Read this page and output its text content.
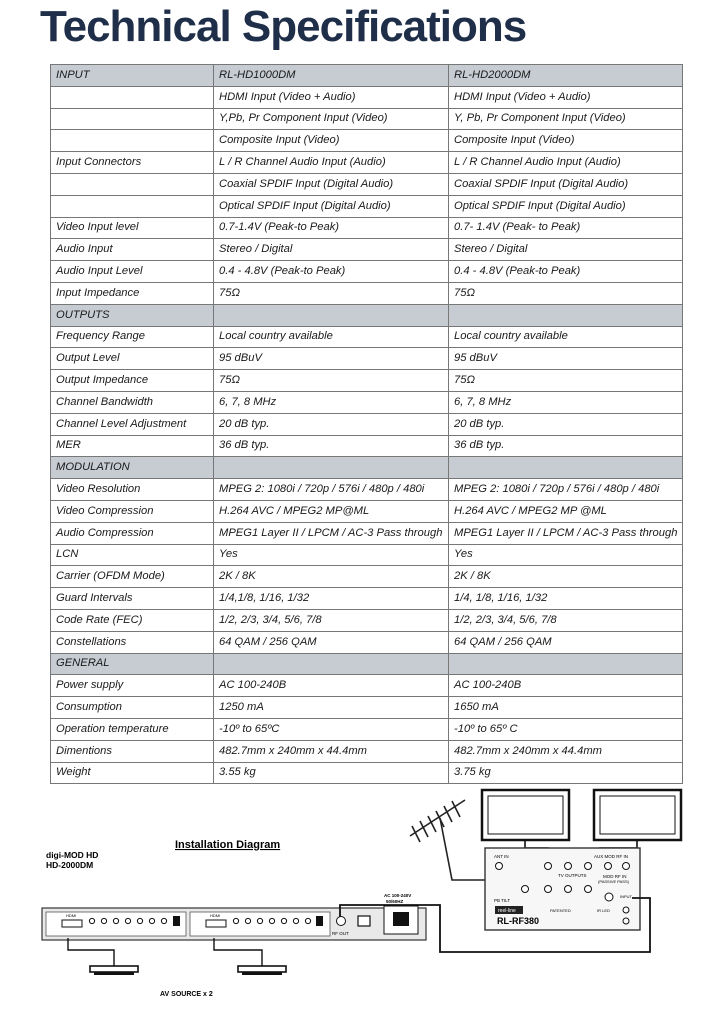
Technical Specifications
INPUT	RL-HD1000DM	RL-HD2000DM
	HDMI Input (Video + Audio)	HDMI Input (Video + Audio)
	Y,Pb, Pr Component Input (Video)	Y, Pb, Pr Component Input (Video)
	Composite Input (Video)	Composite Input (Video)
Input Connectors	L / R Channel Audio Input (Audio)	L / R Channel Audio Input (Audio)
	Coaxial SPDIF Input (Digital Audio)	Coaxial SPDIF Input (Digital Audio)
	Optical SPDIF Input (Digital Audio)	Optical SPDIF Input (Digital Audio)
Video Input level	0.7-1.4V (Peak-to Peak)	0.7- 1.4V (Peak- to Peak)
Audio Input	Stereo / Digital	Stereo / Digital
Audio Input Level	0.4 - 4.8V (Peak-to Peak)	0.4 - 4.8V (Peak-to Peak)
Input Impedance	75Ω	75Ω
OUTPUTS		
Frequency Range	Local country available	Local country available
Output Level	95 dBuV	95 dBuV
Output Impedance	75Ω	75Ω
Channel Bandwidth	6, 7, 8 MHz	6, 7, 8 MHz
Channel Level Adjustment	20 dB typ.	20 dB typ.
MER	36 dB typ.	36 dB typ.
MODULATION		
Video Resolution	MPEG 2: 1080i / 720p / 576i / 480p / 480i	MPEG 2: 1080i / 720p / 576i / 480p / 480i
Video Compression	H.264 AVC / MPEG2 MP@ML	H.264 AVC / MPEG2 MP @ML
Audio Compression	MPEG1 Layer II / LPCM / AC-3 Pass through	MPEG1 Layer II / LPCM / AC-3 Pass through
LCN	Yes	Yes
Carrier (OFDM Mode)	2K / 8K	2K / 8K
Guard Intervals	1/4,1/8, 1/16, 1/32	1/4, 1/8, 1/16, 1/32
Code Rate (FEC)	1/2, 2/3, 3/4, 5/6, 7/8	1/2, 2/3, 3/4, 5/6, 7/8
Constellations	64 QAM / 256 QAM	64 QAM / 256 QAM
GENERAL		
Power supply	AC 100-240B	AC 100-240B
Consumption	1250 mA	1650 mA
Operation temperature	-10º to 65ºC	-10º to 65º C
Dimentions	482.7mm x 240mm x 44.4mm	482.7mm x 240mm x 44.4mm
Weight	3.55 kg	3.75 kg
Installation Diagram
digi-MOD HD
HD-2000DM
ANT IN	AUX MOD RF IN
TV OUTPUTS	MOD RF IN
(PASSIVE PASS)
PB TILT
PATENTED	IR LED
INPUT
reel-line
RL-RF380
HDMI	HDMI
AC 100-240V
50/60HZ
RF OUT
AV SOURCE x 2
